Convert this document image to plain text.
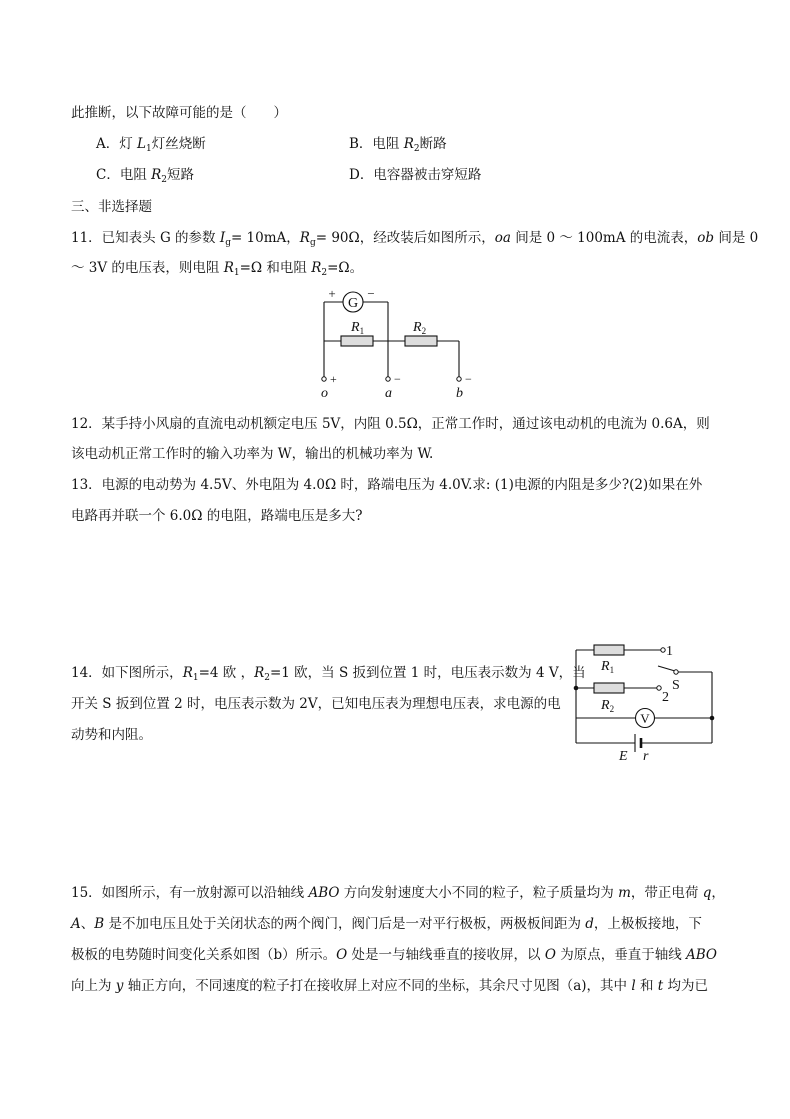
此推断，以下故障可能的是（　　）
A．灯 $L_1$灯丝烧断	B．电阻 $R_2$断路
C．电阻 $R_2$短路	D．电容器被击穿短路
三、非选择题
11．已知表头 G 的参数 $I_g= 10mA$，$R_g= 90\Omega$，经改装后如图所示，oa 间是 0 ～ 100mA 的电流表，ob 间是 0
～ 3V 的电压表，则电阻 $R_1=\Omega$ 和电阻 $R_2=\Omega$。
G
+ −
$R_1$	$R_2$
+	−	−
o	a	b
12．某手持小风扇的直流电动机额定电压 5V，内阻 0.5Ω，正常工作时，通过该电动机的电流为 0.6A，则
该电动机正常工作时的输入功率为 W，输出的机械功率为 W.
13．电源的电动势为 4.5V、外电阻为 4.0Ω 时，路端电压为 4.0V.求: (1)电源的内阻是多少?(2)如果在外
电路再并联一个 6.0Ω 的电阻，路端电压是多大?
14．如下图所示，$R_1=4$ 欧 ，$R_2=1$ 欧，当 S 扳到位置 1 时，电压表示数为 4 V，当
开关 S 扳到位置 2 时，电压表示数为 2V，已知电压表为理想电压表，求电源的电
动势和内阻。
V
1
2
S
$R_1$
$R_2$
E r
15．如图所示，有一放射源可以沿轴线 ABO 方向发射速度大小不同的粒子，粒子质量均为 m，带正电荷 q，
A、B 是不加电压且处于关闭状态的两个阀门，阀门后是一对平行极板，两极板间距为 d，上极板接地，下
极板的电势随时间变化关系如图（b）所示。O 处是一与轴线垂直的接收屏，以 O 为原点，垂直于轴线 ABO
向上为 y 轴正方向，不同速度的粒子打在接收屏上对应不同的坐标，其余尺寸见图（a)，其中 l 和 t 均为已
